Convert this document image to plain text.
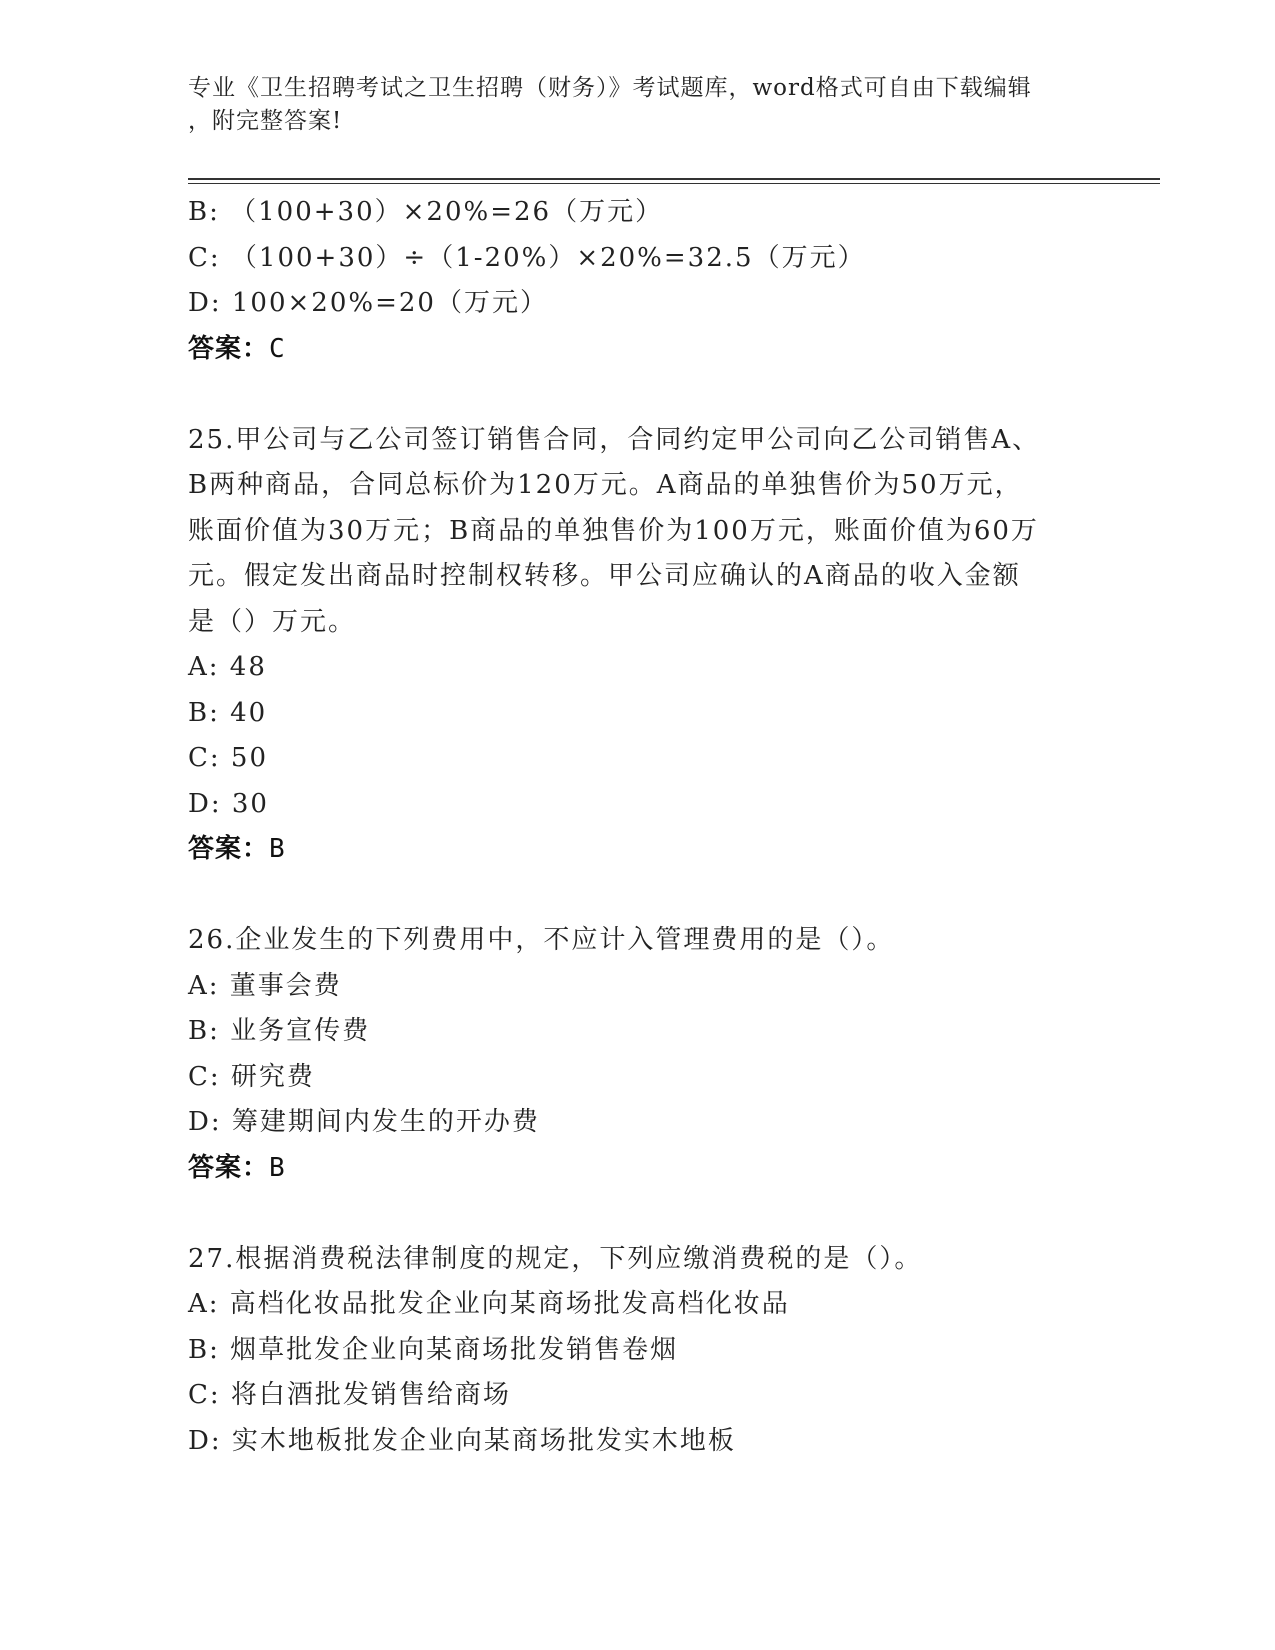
专业《卫生招聘考试之卫生招聘（财务）》考试题库，word格式可自由下载编辑
，附完整答案!
B: （100+30）×20%=26（万元）
C: （100+30）÷（1-20%）×20%=32.5（万元）
D: 100×20%=20（万元）
答案：C
25.甲公司与乙公司签订销售合同，合同约定甲公司向乙公司销售A、
B两种商品，合同总标价为120万元。A商品的单独售价为50万元，
账面价值为30万元；B商品的单独售价为100万元，账面价值为60万
元。假定发出商品时控制权转移。甲公司应确认的A商品的收入金额
是（）万元。
A: 48
B: 40
C: 50
D: 30
答案：B
26.企业发生的下列费用中，不应计入管理费用的是（）。
A: 董事会费
B: 业务宣传费
C: 研究费
D: 筹建期间内发生的开办费
答案：B
27.根据消费税法律制度的规定，下列应缴消费税的是（）。
A: 高档化妆品批发企业向某商场批发高档化妆品
B: 烟草批发企业向某商场批发销售卷烟
C: 将白酒批发销售给商场
D: 实木地板批发企业向某商场批发实木地板
